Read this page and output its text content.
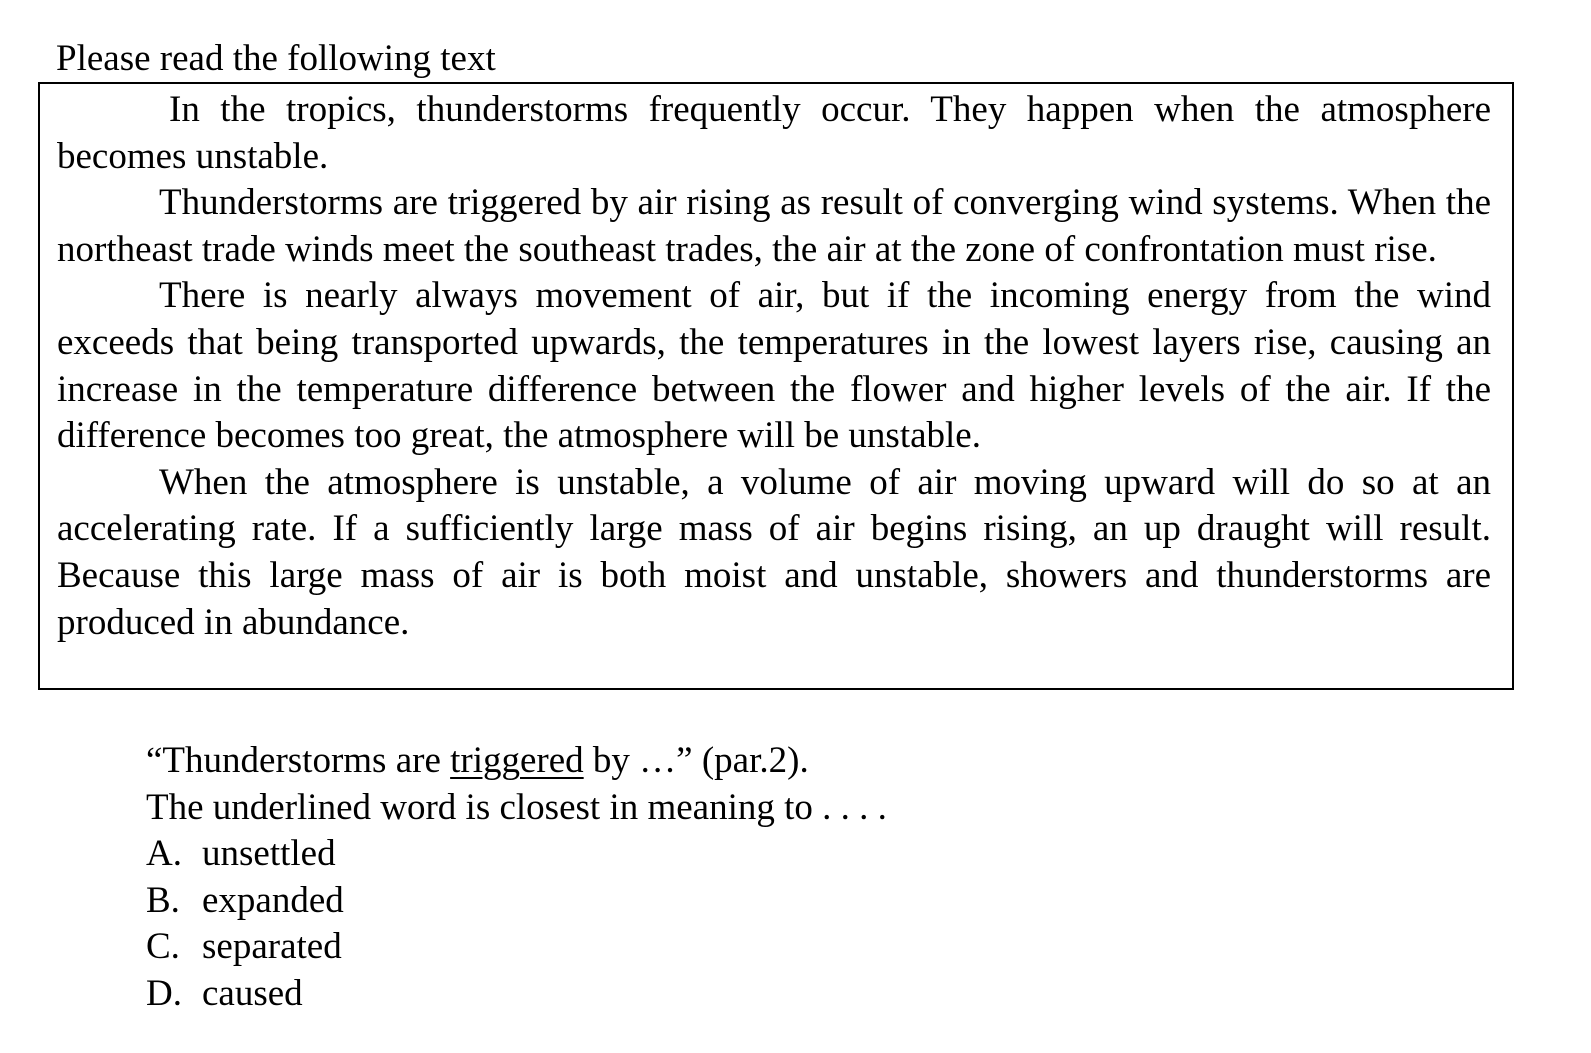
Please read the following text

In the tropics, thunderstorms frequently occur. They happen when the atmosphere becomes unstable.

Thunderstorms are triggered by air rising as result of converging wind systems. When the northeast trade winds meet the southeast trades, the air at the zone of confrontation must rise.

There is nearly always movement of air, but if the incoming energy from the wind exceeds that being transported upwards, the temperatures in the lowest layers rise, causing an increase in the temperature difference between the flower and higher levels of the air. If the difference becomes too great, the atmosphere will be unstable.

When the atmosphere is unstable, a volume of air moving upward will do so at an accelerating rate. If a sufficiently large mass of air begins rising, an up draught will result. Because this large mass of air is both moist and unstable, showers and thunderstorms are produced in abundance.

“Thunderstorms are triggered by …” (par.2).

The underlined word is closest in meaning to . . . .

A. unsettled
B. expanded
C. separated
D. caused
